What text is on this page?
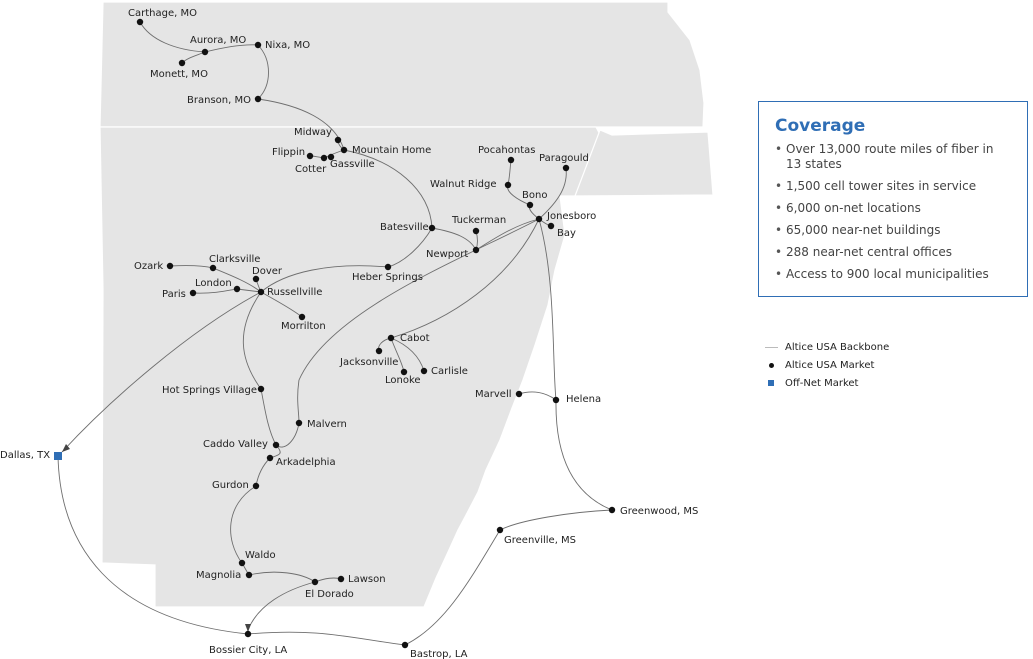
Carthage, MO
Aurora, MO Nixa, MO
Monett, MO
Branson, MO
Midway
Mountain Home
Flippin
Gassville
Cotter
Pocahontas
Paragould
Walnut Ridge
Bono
Jonesboro
Bay
Batesville
Tuckerman
Newport
Heber Springs
Ozark
Clarksville
Dover
London
Paris	Russellville
Morrilton
Cabot
Jacksonville
Lonoke
Carlisle
Marvell	Helena
Hot Springs Village
Malvern
Caddo Valley
Arkadelphia
Gurdon
Waldo
Magnolia	Lawson
El Dorado
Greenwood, MS
Greenville, MS
Bossier City, LA	Bastrop, LA
Dallas, TX
Coverage
• Over 13,000 route miles of fiber in 13 states
• 1,500 cell tower sites in service
• 6,000 on-net locations
• 65,000 near-net buildings
• 288 near-net central offices
• Access to 900 local municipalities
Altice USA Backbone
Altice USA Market
Off-Net Market
